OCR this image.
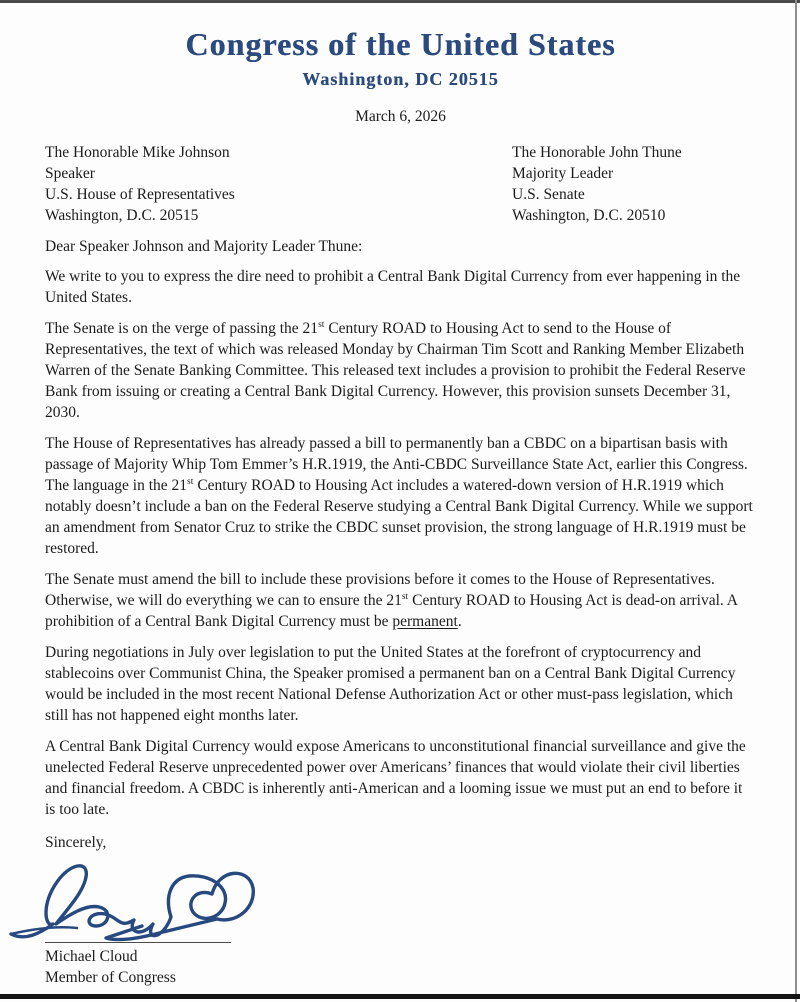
Congress of the United States
Washington, DC 20515
March 6, 2026
The Honorable Mike Johnson
Speaker
U.S. House of Representatives
Washington, D.C. 20515
The Honorable John Thune
Majority Leader
U.S. Senate
Washington, D.C. 20510
Dear Speaker Johnson and Majority Leader Thune:
We write to you to express the dire need to prohibit a Central Bank Digital Currency from ever happening in the United States.
The Senate is on the verge of passing the 21st Century ROAD to Housing Act to send to the House of Representatives, the text of which was released Monday by Chairman Tim Scott and Ranking Member Elizabeth Warren of the Senate Banking Committee. This released text includes a provision to prohibit the Federal Reserve Bank from issuing or creating a Central Bank Digital Currency. However, this provision sunsets December 31, 2030.
The House of Representatives has already passed a bill to permanently ban a CBDC on a bipartisan basis with passage of Majority Whip Tom Emmer’s H.R.1919, the Anti-CBDC Surveillance State Act, earlier this Congress. The language in the 21st Century ROAD to Housing Act includes a watered-down version of H.R.1919 which notably doesn’t include a ban on the Federal Reserve studying a Central Bank Digital Currency. While we support an amendment from Senator Cruz to strike the CBDC sunset provision, the strong language of H.R.1919 must be restored.
The Senate must amend the bill to include these provisions before it comes to the House of Representatives. Otherwise, we will do everything we can to ensure the 21st Century ROAD to Housing Act is dead-on arrival. A prohibition of a Central Bank Digital Currency must be permanent.
During negotiations in July over legislation to put the United States at the forefront of cryptocurrency and stablecoins over Communist China, the Speaker promised a permanent ban on a Central Bank Digital Currency would be included in the most recent National Defense Authorization Act or other must-pass legislation, which still has not happened eight months later.
A Central Bank Digital Currency would expose Americans to unconstitutional financial surveillance and give the unelected Federal Reserve unprecedented power over Americans’ finances that would violate their civil liberties and financial freedom. A CBDC is inherently anti-American and a looming issue we must put an end to before it is too late.
Sincerely,
Michael Cloud
Member of Congress
